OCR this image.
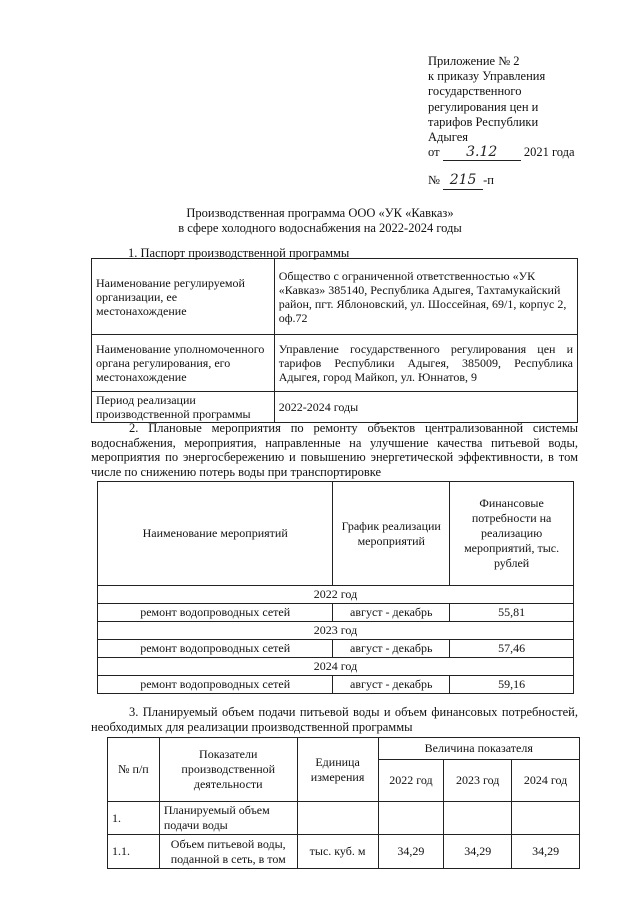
Приложение № 2
к приказу Управления
государственного
регулирования цен и
тарифов Республики
Адыгея
от 3.12 2021 года
№ 215 -п
Производственная программа ООО «УК «Кавказ»
в сфере холодного водоснабжения на 2022-2024 годы
1. Паспорт производственной программы
Наименование регулируемой организации, ее местонахождение	Общество с ограниченной ответственностью «УК «Кавказ» 385140, Республика Адыгея, Тахтамукайский район, пгт. Яблоновский, ул. Шоссейная, 69/1, корпус 2, оф.72
Наименование уполномоченного органа регулирования, его местонахождение	Управление государственного регулирования цен и тарифов Республики Адыгея, 385009, Республика Адыгея, город Майкоп, ул. Юннатов, 9
Период реализации производственной программы	2022-2024 годы
2. Плановые мероприятия по ремонту объектов централизованной системы водоснабжения, мероприятия, направленные на улучшение качества питьевой воды, мероприятия по энергосбережению и повышению энергетической эффективности, в том числе по снижению потерь воды при транспортировке
Наименование мероприятий	График реализации мероприятий	Финансовые потребности на реализацию мероприятий, тыс. рублей
2022 год		
ремонт водопроводных сетей	август - декабрь	55,81
2023 год		
ремонт водопроводных сетей	август - декабрь	57,46
2024 год		
ремонт водопроводных сетей	август - декабрь	59,16
3. Планируемый объем подачи питьевой воды и объем финансовых потребностей, необходимых для реализации производственной программы
№ п/п	Показатели производственной деятельности	Единица измерения	Величина показателя		
			2022 год	2023 год	2024 год
1.	Планируемый объем подачи воды				
1.1.	Объем питьевой воды, поданной в сеть, в том	тыс. куб. м	34,29	34,29	34,29
